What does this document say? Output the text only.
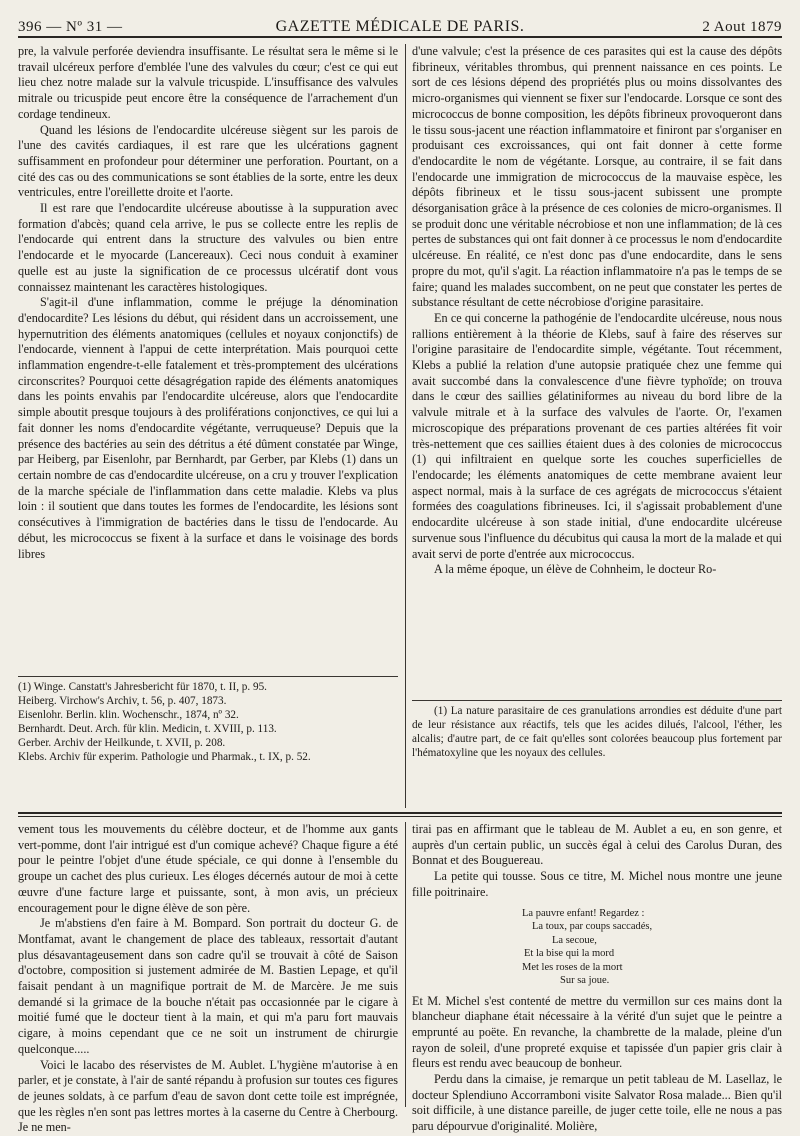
396 — Nº 31 —	GAZETTE MÉDICALE DE PARIS.	2 Aout 1879

pre, la valvule perforée deviendra insuffisante. Le résultat sera le même si le travail ulcéreux perfore d'emblée l'une des valvules du cœur; c'est ce qui eut lieu chez notre malade sur la valvule tricuspide. L'insuffisance des valvules mitrale ou tricuspide peut encore être la conséquence de l'arrachement d'un cordage tendineux.

Quand les lésions de l'endocardite ulcéreuse siègent sur les parois de l'une des cavités cardiaques, il est rare que les ulcérations gagnent suffisamment en profondeur pour déterminer une perforation. Pourtant, on a cité des cas ou des communications se sont établies de la sorte, entre les deux ventricules, entre l'oreillette droite et l'aorte.

Il est rare que l'endocardite ulcéreuse aboutisse à la suppuration avec formation d'abcès; quand cela arrive, le pus se collecte entre les replis de l'endocarde qui entrent dans la structure des valvules ou bien entre l'endocarde et le myocarde (Lancereaux). Ceci nous conduit à examiner quelle est au juste la signification de ce processus ulcératif dont vous connaissez maintenant les caractères histologiques.

S'agit-il d'une inflammation, comme le préjuge la dénomination d'endocardite? Les lésions du début, qui résident dans un accroissement, une hypernutrition des éléments anatomiques (cellules et noyaux conjonctifs) de l'endocarde, viennent à l'appui de cette interprétation. Mais pourquoi cette inflammation engendre-t-elle fatalement et très-promptement des ulcérations circonscrites? Pourquoi cette désagrégation rapide des éléments anatomiques dans les points envahis par l'endocardite ulcéreuse, alors que l'endocardite simple aboutit presque toujours à des proliférations conjonctives, ce qui lui a fait donner les noms d'endocardite végétante, verruqueuse? Depuis que la présence des bactéries au sein des détritus a été dûment constatée par Winge, par Heiberg, par Eisenlohr, par Bernhardt, par Gerber, par Klebs (1) dans un certain nombre de cas d'endocardite ulcéreuse, on a cru y trouver l'explication de la marche spéciale de l'inflammation dans cette maladie. Klebs va plus loin : il soutient que dans toutes les formes de l'endocardite, les lésions sont consécutives à l'immigration de bactéries dans le tissu de l'endocarde. Au début, les micrococcus se fixent à la surface et dans le voisinage des bords libres

d'une valvule; c'est la présence de ces parasites qui est la cause des dépôts fibrineux, véritables thrombus, qui prennent naissance en ces points. Le sort de ces lésions dépend des propriétés plus ou moins dissolvantes des micro-organismes qui viennent se fixer sur l'endocarde. Lorsque ce sont des micrococcus de bonne composition, les dépôts fibrineux provoqueront dans le tissu sous-jacent une réaction inflammatoire et finiront par s'organiser en produisant ces excroissances, qui ont fait donner à cette forme d'endocardite le nom de végétante. Lorsque, au contraire, il se fait dans l'endocarde une immigration de micrococcus de la mauvaise espèce, les dépôts fibrineux et le tissu sous-jacent subissent une prompte désorganisation grâce à la présence de ces colonies de micro-organismes. Il se produit donc une véritable nécrobiose et non une inflammation; de là ces pertes de substances qui ont fait donner à ce processus le nom d'endocardite ulcéreuse. En réalité, ce n'est donc pas d'une endocardite, dans le sens propre du mot, qu'il s'agit. La réaction inflammatoire n'a pas le temps de se faire; quand les malades succombent, on ne peut que constater les pertes de substance résultant de cette nécrobiose d'origine parasitaire.

En ce qui concerne la pathogénie de l'endocardite ulcéreuse, nous nous rallions entièrement à la théorie de Klebs, sauf à faire des réserves sur l'origine parasitaire de l'endocardite simple, végétante. Tout récemment, Klebs a publié la relation d'une autopsie pratiquée chez une femme qui avait succombé dans la convalescence d'une fièvre typhoïde; on trouva dans le cœur des saillies gélatiniformes au niveau du bord libre de la valvule mitrale et à la surface des valvules de l'aorte. Or, l'examen microscopique des préparations provenant de ces parties altérées fit voir très-nettement que ces saillies étaient dues à des colonies de micrococcus (1) qui infiltraient en quelque sorte les couches superficielles de l'endocarde; les éléments anatomiques de cette membrane avaient leur aspect normal, mais à la surface de ces agrégats de micrococcus s'étaient formées des coagulations fibrineuses. Ici, il s'agissait probablement d'une endocardite ulcéreuse à son stade initial, d'une endocardite ulcéreuse survenue sous l'influence du décubitus qui causa la mort de la malade et qui avait servi de porte d'entrée aux micrococcus.

A la même époque, un élève de Cohnheim, le docteur Ro-

(1) Winge. Canstatt's Jahresbericht für 1870, t. II, p. 95.
Heiberg. Virchow's Archiv, t. 56, p. 407, 1873.
Eisenlohr. Berlin. klin. Wochenschr., 1874, nº 32.
Bernhardt. Deut. Arch. für klin. Medicin, t. XVIII, p. 113.
Gerber. Archiv der Heilkunde, t. XVII, p. 208.
Klebs. Archiv für experim. Pathologie und Pharmak., t. IX, p. 52.
(1) La nature parasitaire de ces granulations arrondies est déduite d'une part de leur résistance aux réactifs, tels que les acides dilués, l'alcool, l'éther, les alcalis; d'autre part, de ce fait qu'elles sont colorées beaucoup plus fortement par l'hématoxyline que les noyaux des cellules.

vement tous les mouvements du célèbre docteur, et de l'homme aux gants vert-pomme, dont l'air intrigué est d'un comique achevé? Chaque figure a été pour le peintre l'objet d'une étude spéciale, ce qui donne à l'ensemble du groupe un cachet des plus curieux. Les éloges décernés autour de moi à cette œuvre d'une facture large et puissante, sont, à mon avis, un précieux encouragement pour le digne élève de son père.

Je m'abstiens d'en faire à M. Bompard. Son portrait du docteur G. de Montfamat, avant le changement de place des tableaux, ressortait d'autant plus désavantageusement dans son cadre qu'il se trouvait à côté de Saison d'octobre, composition si justement admirée de M. Bastien Lepage, et qu'il faisait pendant à un magnifique portrait de M. de Marcère. Je me suis demandé si la grimace de la bouche n'était pas occasionnée par le cigare à moitié fumé que le docteur tient à la main, et qui m'a paru fort mauvais cigare, à moins cependant que ce ne soit un instrument de chirurgie quelconque.....

Voici le lacabo des réservistes de M. Aublet. L'hygiène m'autorise à en parler, et je constate, à l'air de santé répandu à profusion sur toutes ces figures de jeunes soldats, à ce parfum d'eau de savon dont cette toile est imprégnée, que les règles n'en sont pas lettres mortes à la caserne du Centre à Cherbourg. Je ne men-

tirai pas en affirmant que le tableau de M. Aublet a eu, en son genre, et auprès d'un certain public, un succès égal à celui des Carolus Duran, des Bonnat et des Bouguereau.

La petite qui tousse. Sous ce titre, M. Michel nous montre une jeune fille poitrinaire.

La pauvre enfant! Regardez :
La toux, par coups saccadés,
La secoue,
Et la bise qui la mord
Met les roses de la mort
Sur sa joue.

Et M. Michel s'est contenté de mettre du vermillon sur ces mains dont la blancheur diaphane était nécessaire à la vérité d'un sujet que le peintre a emprunté au poëte. En revanche, la chambrette de la malade, pleine d'un rayon de soleil, d'une propreté exquise et tapissée d'un papier gris clair à fleurs est rendu avec beaucoup de bonheur.

Perdu dans la cimaise, je remarque un petit tableau de M. Lasellaz, le docteur Splendiuno Accorramboni visite Salvator Rosa malade... Bien qu'il soit difficile, à une distance pareille, de juger cette toile, elle ne nous a pas paru dépourvue d'originalité. Molière,
